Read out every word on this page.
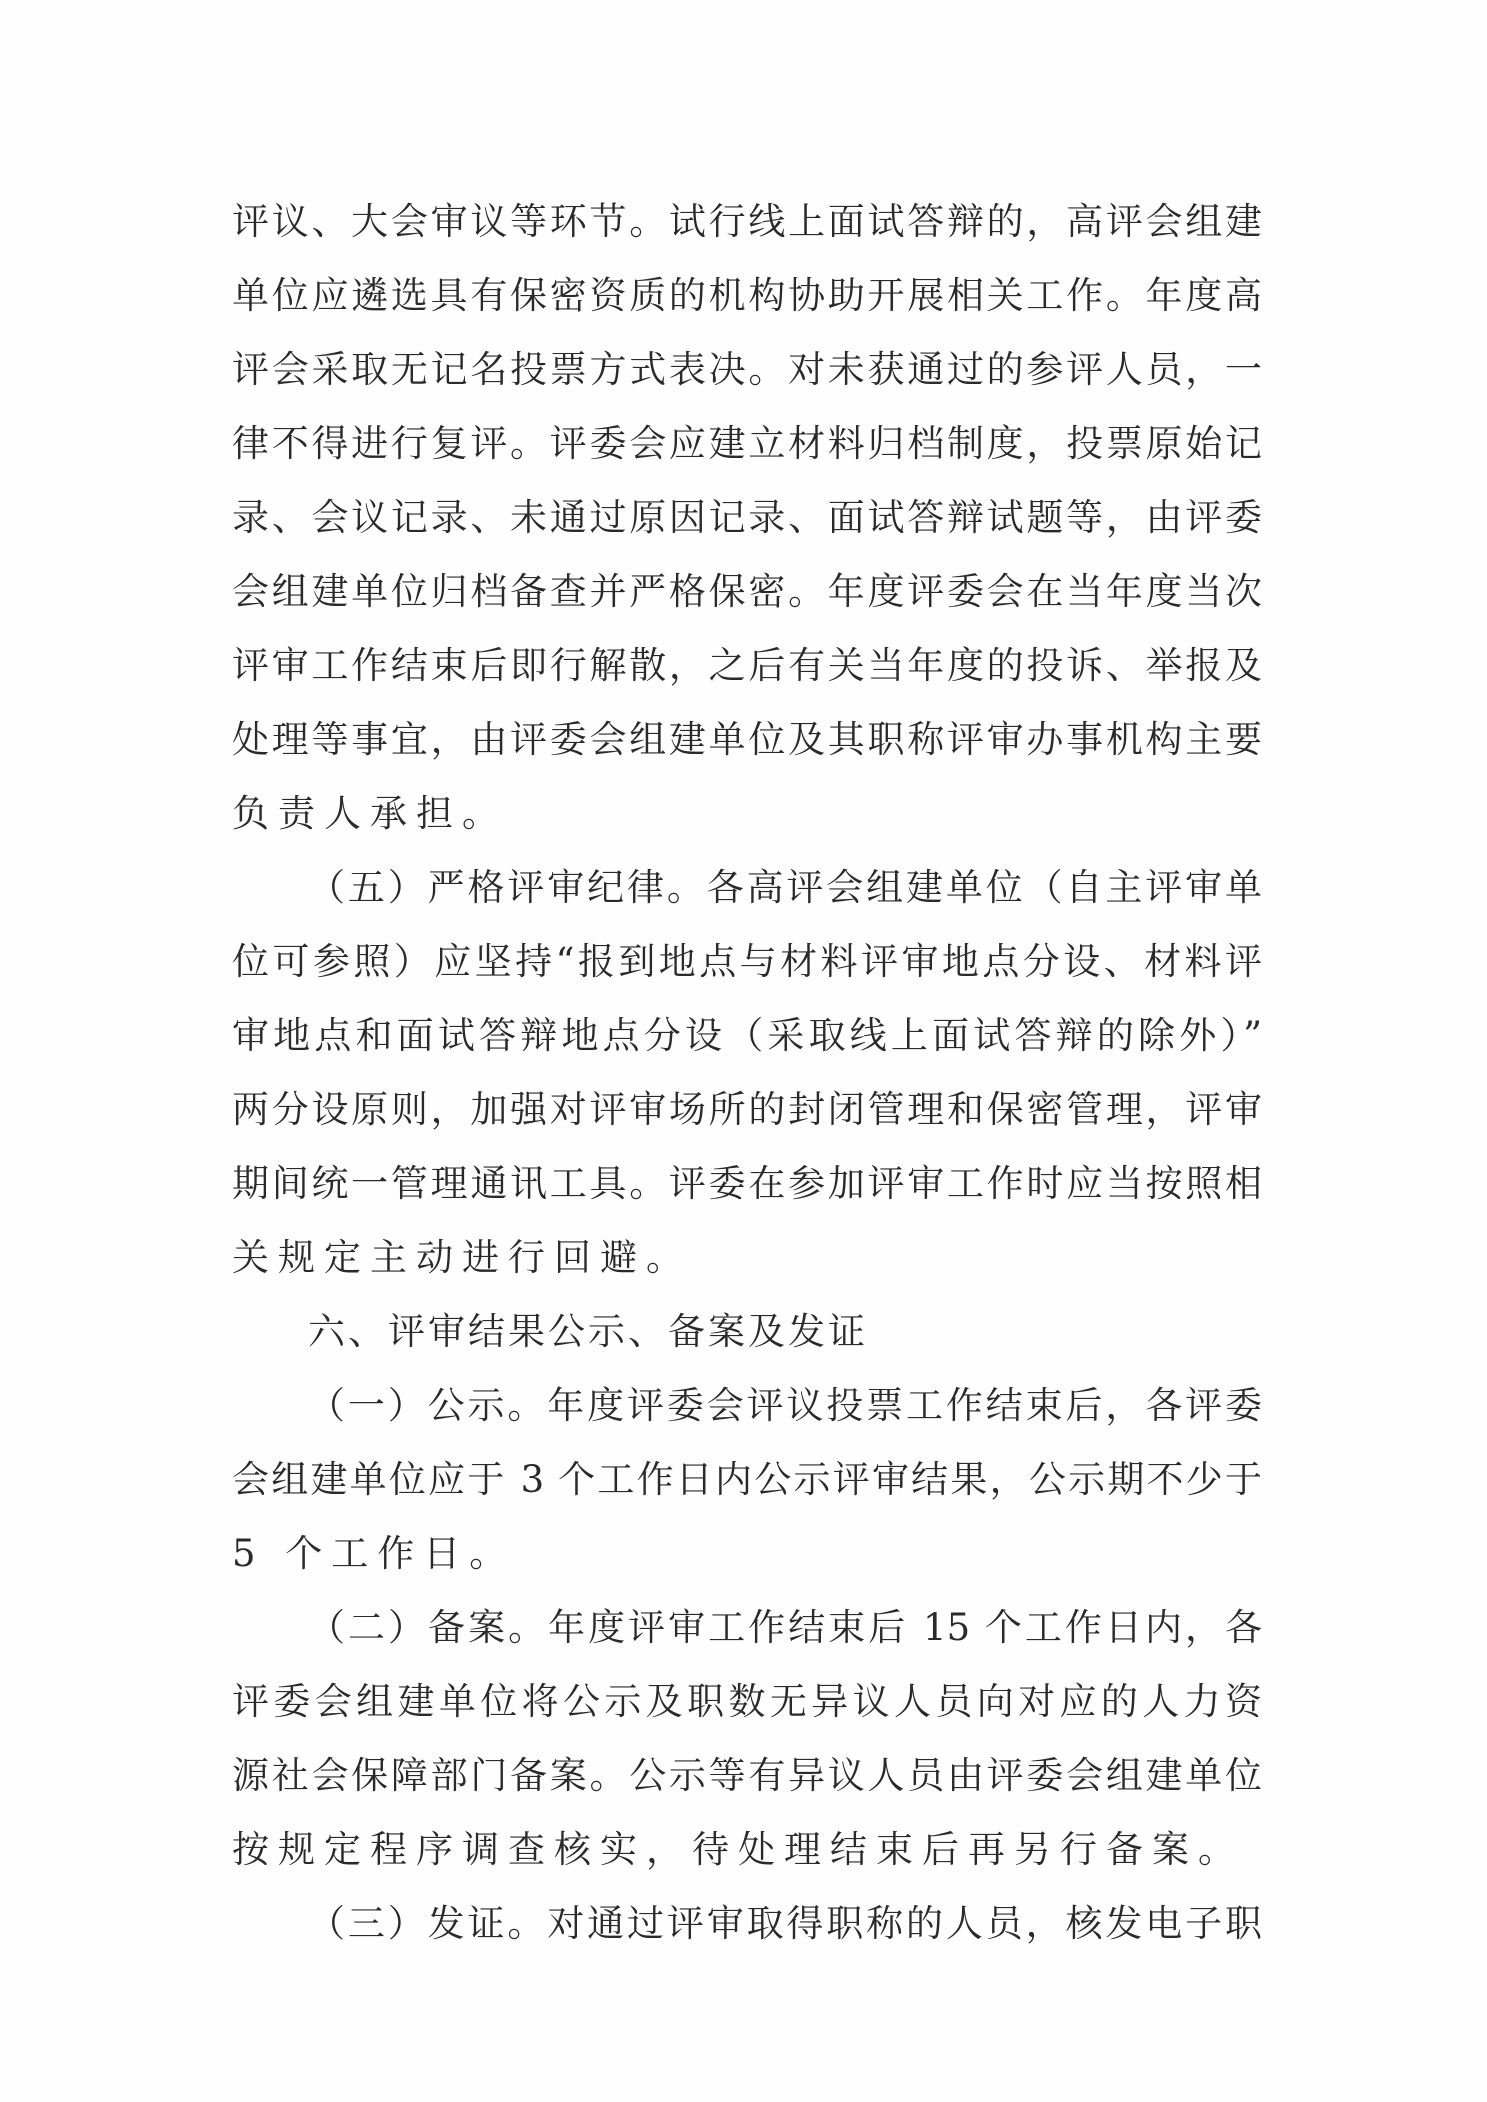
评议、大会审议等环节。试行线上面试答辩的，高评会组建
单位应遴选具有保密资质的机构协助开展相关工作。年度高
评会采取无记名投票方式表决。对未获通过的参评人员，一
律不得进行复评。评委会应建立材料归档制度，投票原始记
录、会议记录、未通过原因记录、面试答辩试题等，由评委
会组建单位归档备查并严格保密。年度评委会在当年度当次
评审工作结束后即行解散，之后有关当年度的投诉、举报及
处理等事宜，由评委会组建单位及其职称评审办事机构主要
负责人承担。
（五）严格评审纪律。各高评会组建单位（自主评审单
位可参照）应坚持“报到地点与材料评审地点分设、材料评
审地点和面试答辩地点分设（采取线上面试答辩的除外）”
两分设原则，加强对评审场所的封闭管理和保密管理，评审
期间统一管理通讯工具。评委在参加评审工作时应当按照相
关规定主动进行回避。
六、评审结果公示、备案及发证
（一）公示。年度评委会评议投票工作结束后，各评委
会组建单位应于 3 个工作日内公示评审结果，公示期不少于
5 个工作日。
（二）备案。年度评审工作结束后 15 个工作日内，各
评委会组建单位将公示及职数无异议人员向对应的人力资
源社会保障部门备案。公示等有异议人员由评委会组建单位
按规定程序调查核实，待处理结束后再另行备案。
（三）发证。对通过评审取得职称的人员，核发电子职
